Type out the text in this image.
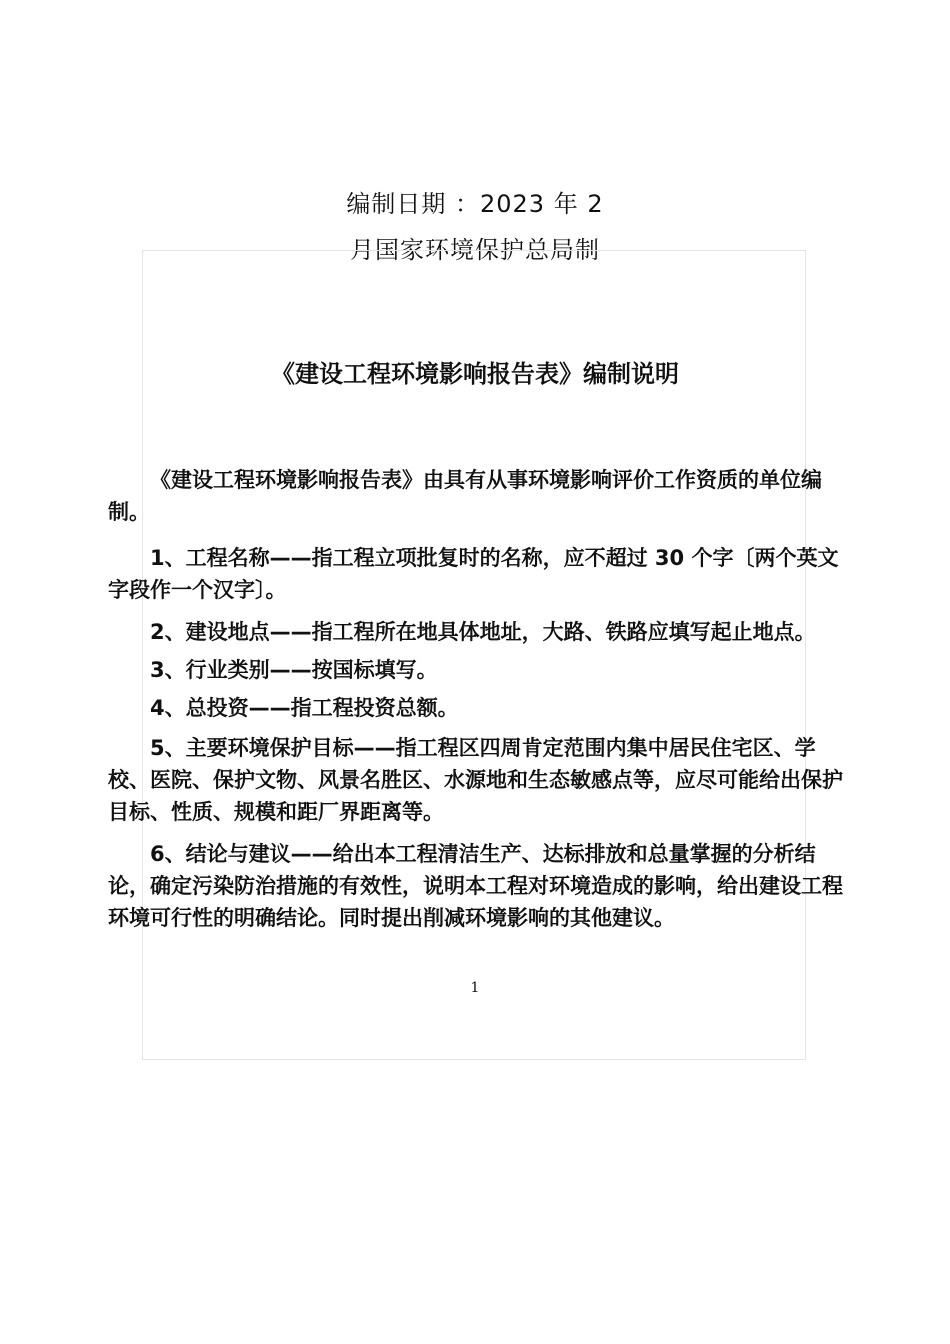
编制日期 ：2023 年 2
月国家环境保护总局制
《建设工程环境影响报告表》编制说明

《建设工程环境影响报告表》由具有从事环境影响评价工作资质的单位编制。

1、工程名称——指工程立项批复时的名称，应不超过 30 个字〔两个英文字段作一个汉字〕。

2、建设地点——指工程所在地具体地址，大路、铁路应填写起止地点。

3、行业类别——按国标填写。

4、总投资——指工程投资总额。

5、主要环境保护目标——指工程区四周肯定范围内集中居民住宅区、学校、医院、保护文物、风景名胜区、水源地和生态敏感点等，应尽可能给出保护目标、性质、规模和距厂界距离等。

6、结论与建议——给出本工程清洁生产、达标排放和总量掌握的分析结论，确定污染防治措施的有效性，说明本工程对环境造成的影响，给出建设工程环境可行性的明确结论。同时提出削减环境影响的其他建议。

1
